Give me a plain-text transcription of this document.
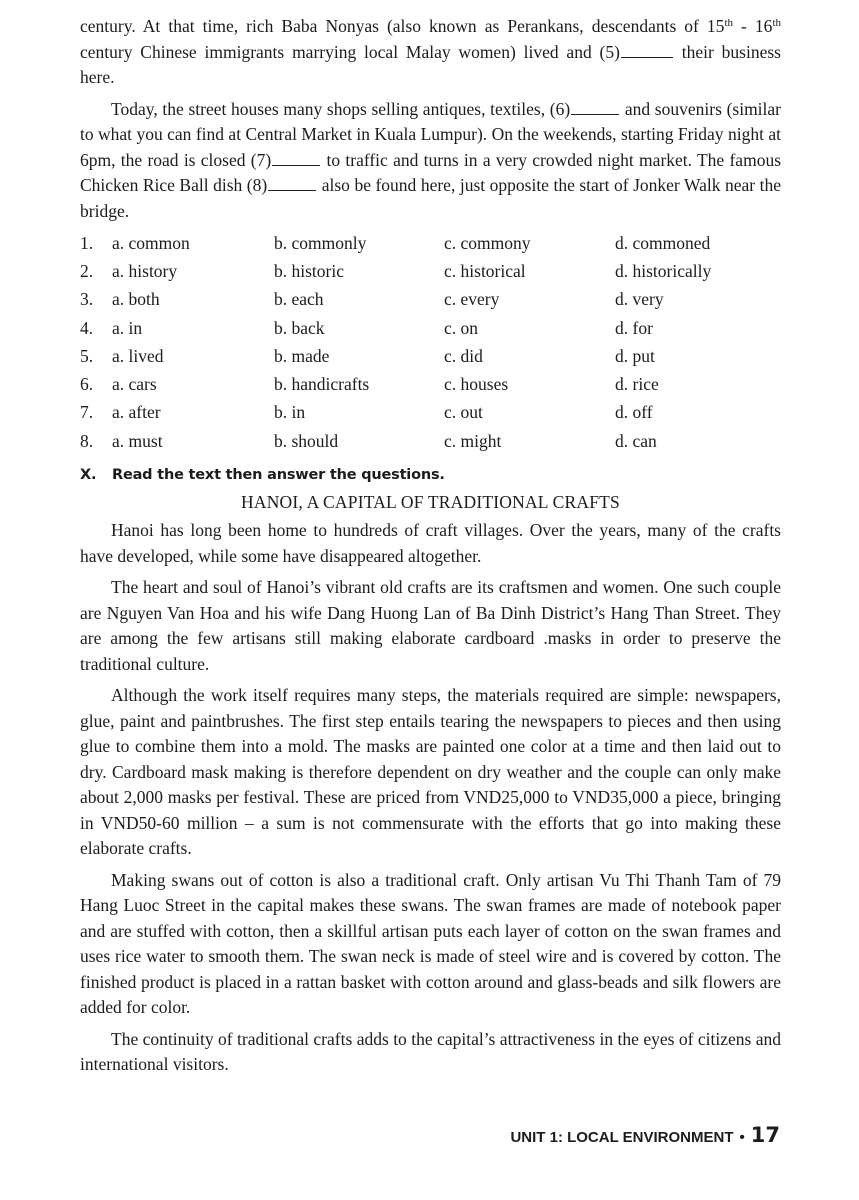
century. At that time, rich Baba Nonyas (also known as Perankans, descendants of 15th - 16th century Chinese immigrants marrying local Malay women) lived and (5)	their business here.

Today, the street houses many shops selling antiques, textiles, (6)	and souvenirs (similar to what you can find at Central Market in Kuala Lumpur). On the weekends, starting Friday night at 6pm, the road is closed (7)	to traffic and turns in a very crowded night market. The famous Chicken Rice Ball dish (8)	also be found here, just opposite the start of Jonker Walk near the bridge.

1.	a. common	b. commonly	c. commony	d. commoned
2.	a. history	b. historic	c. historical	d. historically
3.	a. both	b. each	c. every	d. very
4.	a. in	b. back	c. on	d. for
5.	a. lived	b. made	c. did	d. put
6.	a. cars	b. handicrafts	c. houses	d. rice
7.	a. after	b. in	c. out	d. off
8.	a. must	b. should	c. might	d. can
X.	Read the text then answer the questions.
HANOI, A CAPITAL OF TRADITIONAL CRAFTS

Hanoi has long been home to hundreds of craft villages. Over the years, many of the crafts have developed, while some have disappeared altogether.

The heart and soul of Hanoi’s vibrant old crafts are its craftsmen and women. One such couple are Nguyen Van Hoa and his wife Dang Huong Lan of Ba Dinh District’s Hang Than Street. They are among the few artisans still making elaborate cardboard .masks in order to preserve the traditional culture.

Although the work itself requires many steps, the materials required are simple: newspapers, glue, paint and paintbrushes. The first step entails tearing the newspapers to pieces and then using glue to combine them into a mold. The masks are painted one color at a time and then laid out to dry. Cardboard mask making is therefore dependent on dry weather and the couple can only make about 2,000 masks per festival. These are priced from VND25,000 to VND35,000 a piece, bringing in VND50-60 million – a sum is not commensurate with the efforts that go into making these elaborate crafts.

Making swans out of cotton is also a traditional craft. Only artisan Vu Thi Thanh Tam of 79 Hang Luoc Street in the capital makes these swans. The swan frames are made of notebook paper and are stuffed with cotton, then a skillful artisan puts each layer of cotton on the swan frames and uses rice water to smooth them. The swan neck is made of steel wire and is covered by cotton. The finished product is placed in a rattan basket with cotton around and glass-beads and silk flowers are added for color.

The continuity of traditional crafts adds to the capital’s attractiveness in the eyes of citizens and international visitors.

UNIT 1: LOCAL ENVIRONMENT • 17
